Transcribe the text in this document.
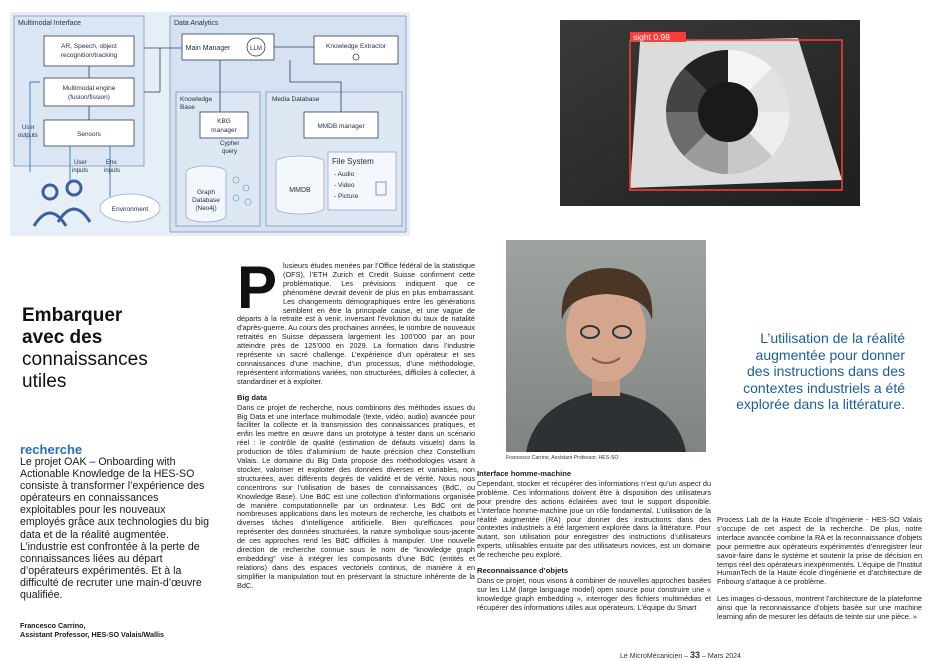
Multimodal Interface
AR, Speech, object
recognition/tracking
Multimodal engine
(fusion/fission)
Sensors
User
outputs
User
inputs
Env.
inputs
Environment
Data Analytics
Main Manager	LLM	Knowledge Extractor
Knowledge
Base
KBG
manager
Cypher
query
Graph
Database
(Neo4j)
Media Database
MMDB manager
MMDB
File System
- Audio
- Video
- Picture
sight 0.98
Francesco Carrino, Assistant Professor, HES-SO
Embarquer
avec des
connaissances
utiles
recherche
Le projet OAK – Onboarding with Actionable Knowledge de la HES-SO consiste à transformer l’expérience des opérateurs en connaissances exploitables pour les nouveaux employés grâce aux technologies du big data et de la réalité augmentée. L’industrie est confrontée à la perte de connaissances liées au départ d’opérateurs expérimentés. Et à la difficulté de recruter une main-d’œuvre qualifiée.
Francesco Carrino,
Assistant Professor, HES-SO Valais/Wallis
P lusieurs études menées par l’Office fédéral de la statistique (OFS), l’ETH Zurich et Credit Suisse confirment cette problématique. Les prévisions indiquent que ce phénomène devrait devenir de plus en plus embarrassant. Les changements démographiques entre les générations semblent en être la principale cause, et une vague de départs à la retraite est à venir, inversant l’évolution du taux de natalité d’après-guerre. Au cours des prochaines années, le nombre de nouveaux retraités en Suisse dépassera largement les 100’000 par an pour atteindre près de 125’000 en 2029. La formation dans l’industrie représente un sacré challenge. L’expérience d’un opérateur et ses connaissances d’une machine, d’un processus, d’une méthodologie, représentent informations variées, non structurées, difficiles à collecter, à standardiser et à exploiter.

Big data

Dans ce projet de recherche, nous combinons des méthodes issues du Big Data et une interface multimodale (texte, vidéo, audio) avancée pour faciliter la collecte et la transmission des connaissances pratiques, et enfin les mettre en œuvre dans un prototype à tester dans un scénario réel : le contrôle de qualité (estimation de défauts visuels) dans la production de tôles d’aluminium de haute précision chez Constellium Valais. Le domaine du Big Data propose des méthodologies visant à stocker, valoriser et exploiter des données diverses et variables, non structurées, avec différents degrés de validité et de vérité. Nous nous concentrons sur l’utilisation de bases de connaissances (BdC, ou Knowledge Base). Une BdC est une collection d’informations organisée de manière computationnelle par un ordinateur. Les BdC ont de nombreuses applications dans les moteurs de recherche, les chatbots et diverses tâches d’intelligence artificielle. Bien qu’efficaces pour représenter des données structurées, la nature symbolique sous-jacente de ces approches rend les BdC difficiles à manipuler. Une nouvelle direction de recherche connue sous le nom de “knowledge graph embedding” vise à intégrer les composants d’une BdC (entités et relations) dans des espaces vectoriels continus, de manière à en simplifier la manipulation tout en préservant la structure inhérente de la BdC.

Interface homme-machine

Cependant, stocker et récupérer des informations n’est qu’un aspect du problème. Ces informations doivent être à disposition des utilisateurs pour prendre des actions éclairées avec tout le support disponible. L’interface homme-machine joue un rôle fondamental. L’utilisation de la réalité augmentée (RA) pour donner des instructions dans des contextes industriels a été largement explorée dans la littérature. Pour autant, son utilisation pour enregistrer des instructions d’utilisateurs experts, utilisables ensuite par des utilisateurs novices, est un domaine de recherche peu exploré.

Reconnaissance d’objets

Dans ce projet, nous visons à combiner de nouvelles approches basées sur les LLM (large language model) open source pour construire une « knowledge graph embedding », interroger des fichiers multimédias et récupérer des informations utiles aux opérateurs. L’équipe du Smart

L’utilisation de la réalité augmentée pour donner des instructions dans des contextes industriels a été explorée dans la littérature.

Process Lab de la Haute Ecole d’Ingénierie - HES-SO Valais s’occupe de cet aspect de la recherche. De plus, notre interface avancée combine la RA et la reconnaissance d’objets pour permettre aux opérateurs expérimentés d’enregistrer leur savoir-faire dans le système et soutenir la prise de décision en temps réel des opérateurs inexpérimentés. L’équipe de l’Institut HumanTech de la Haute école d’ingénierie et d’architecture de Fribourg s’attaque à ce problème.

Les images ci-dessous, montrent l’architecture de la plateforme ainsi que la reconnaissance d’objets basée sur une machine learning afin de mesurer les défauts de teinte sur une pièce. »

Le MicroMécanicien – 33 – Mars 2024
